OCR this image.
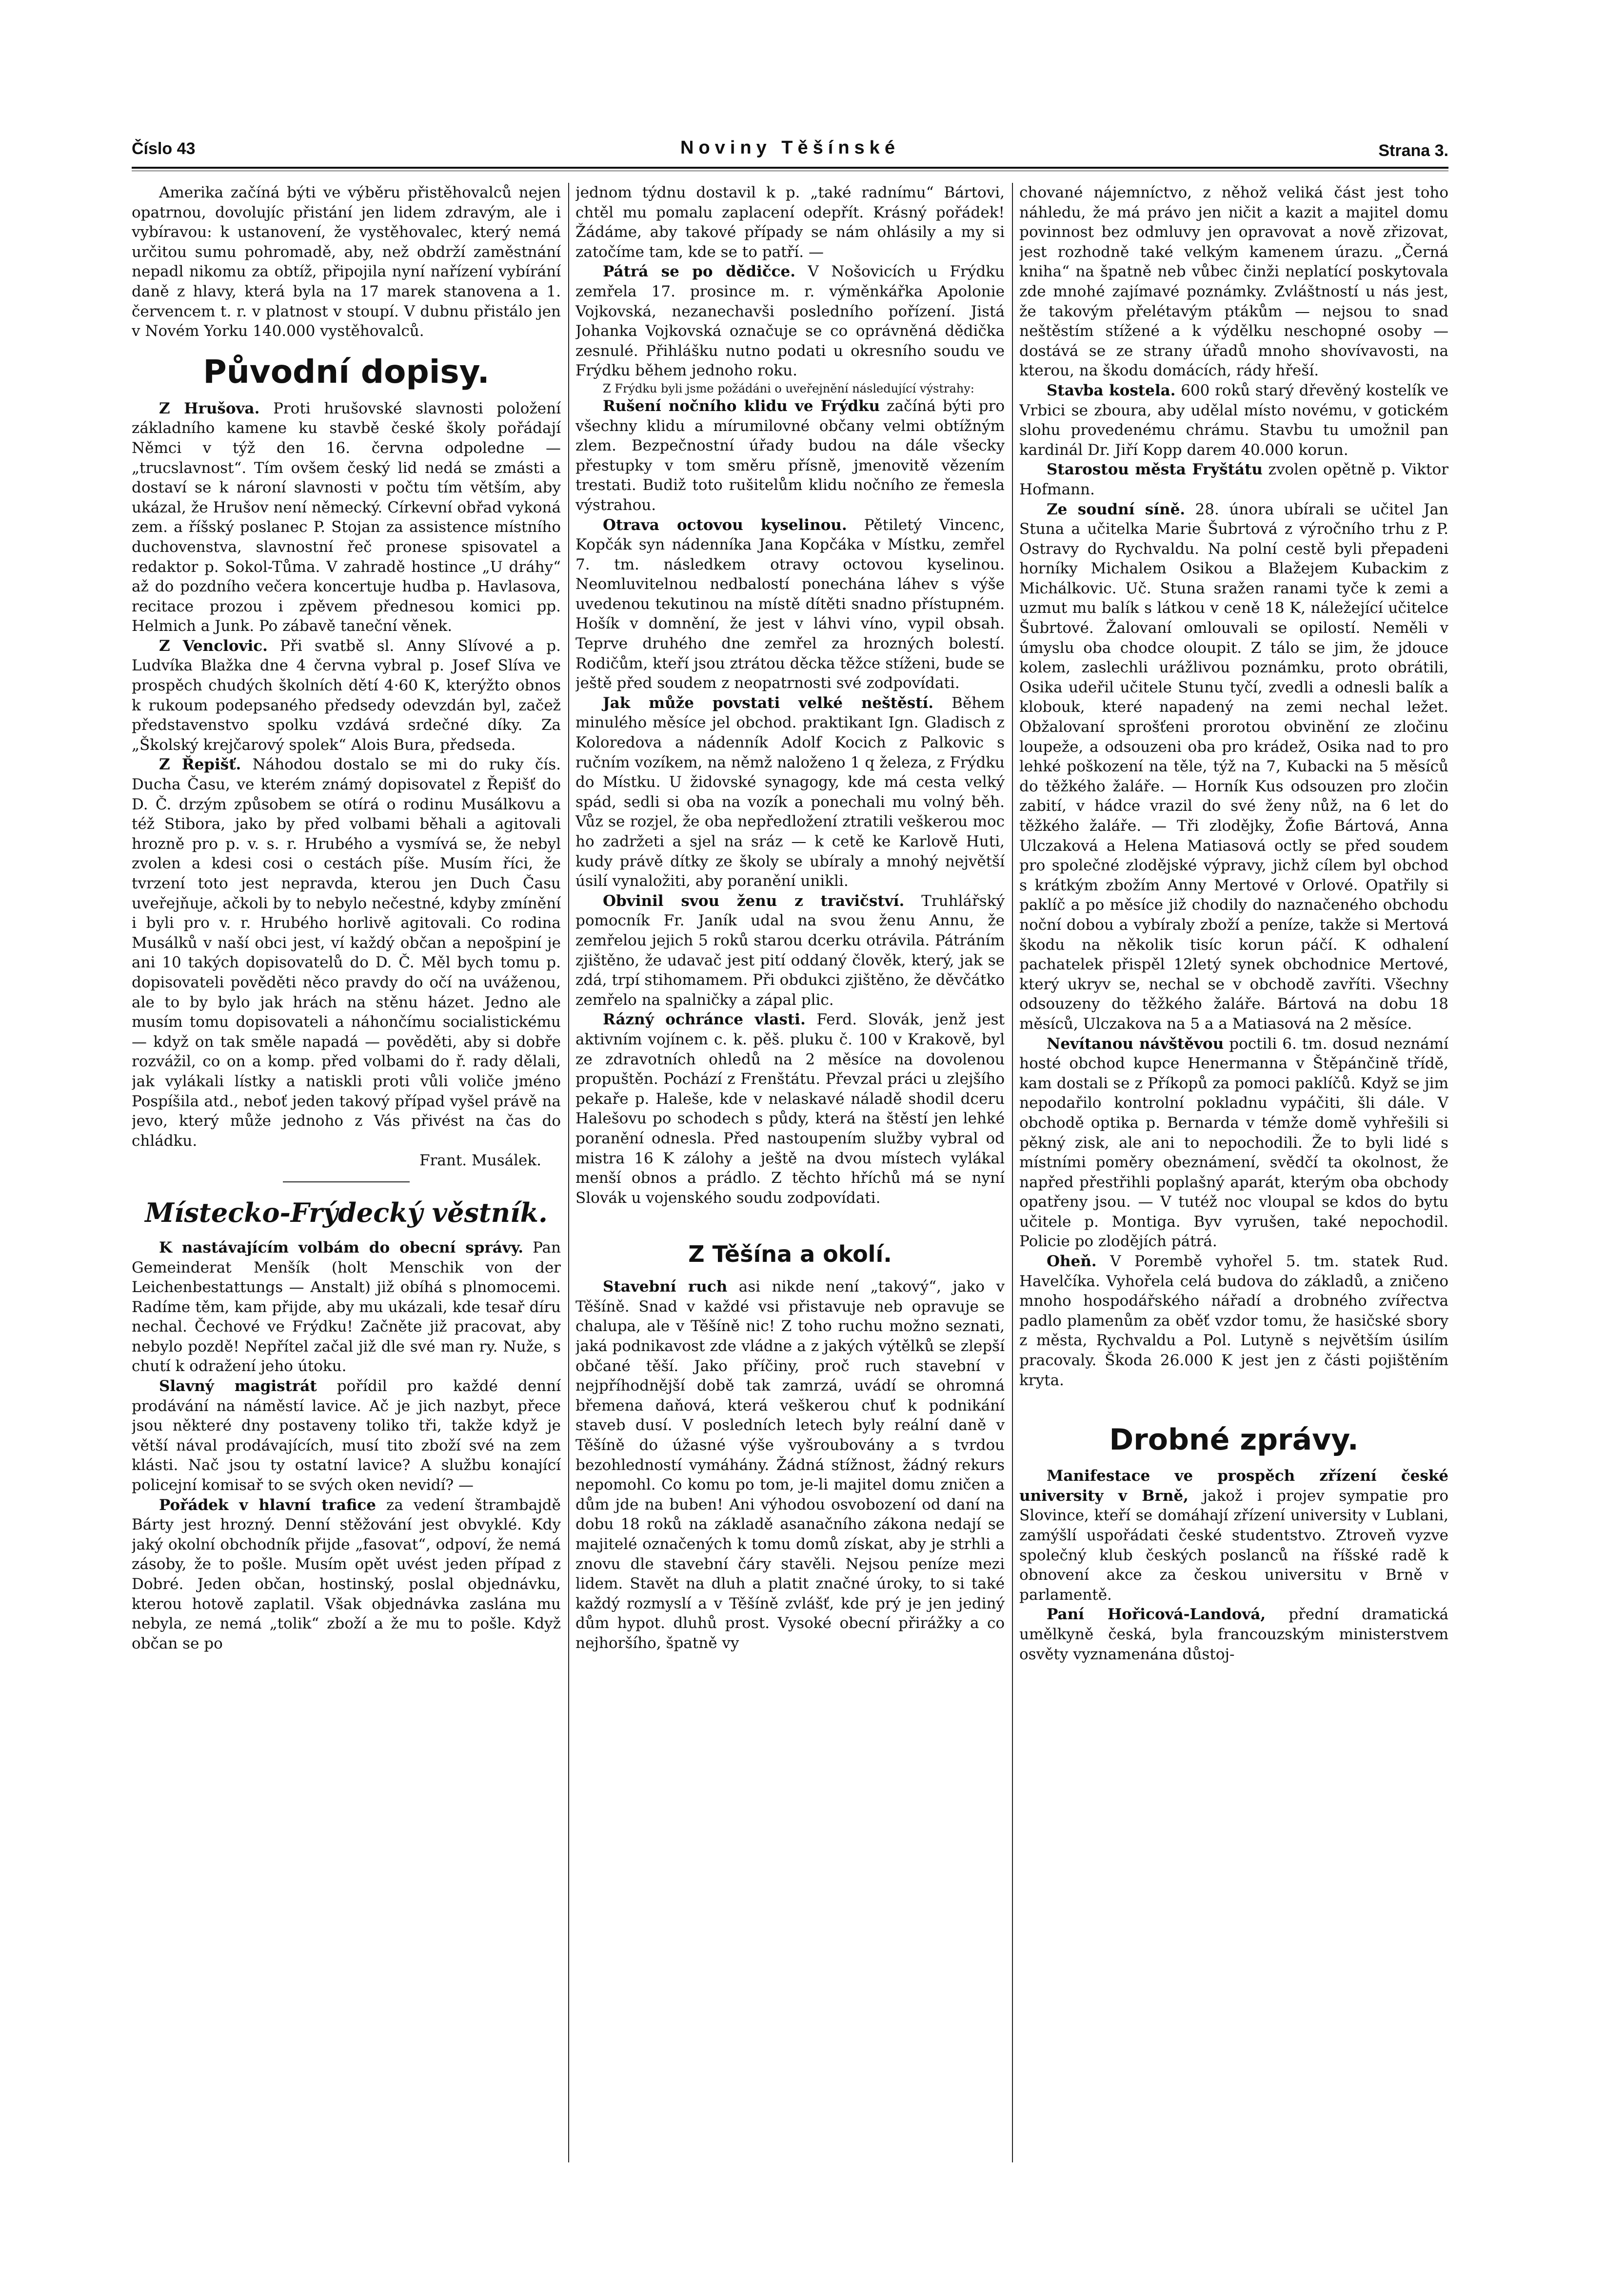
Číslo 43	Noviny Těšínské	Strana 3.

Amerika začíná býti ve výběru přistěhovalců nejen opatrnou, dovolujíc přistání jen lidem zdravým, ale i vybíravou: k ustanovení, že vystěhovalec, který nemá určitou sumu pohromadě, aby, než obdrží zaměstnání nepadl nikomu za obtíž, připojila nyní nařízení vybírání daně z hlavy, která byla na 17 marek stanovena a 1. červencem t. r. v platnost v stoupí. V dubnu přistálo jen v Novém Yorku 140.000 vystěhovalců.

Původní dopisy.

Z Hrušova. Proti hrušovské slavnosti položení základního kamene ku stavbě české školy pořádají Němci v týž den 16. června odpoledne — „trucslavnost“. Tím ovšem český lid nedá se zmásti a dostaví se k nároní slavnosti v počtu tím větším, aby ukázal, že Hrušov není německý. Církevní obřad vykoná zem. a říšský poslanec P. Stojan za assistence místního duchovenstva, slavnostní řeč pronese spisovatel a redaktor p. Sokol-Tůma. V zahradě hostince „U dráhy“ až do pozdního večera koncertuje hudba p. Havlasova, recitace prozou i zpěvem přednesou komici pp. Helmich a Junk. Po zábavě taneční věnek.

Z Venclovic. Při svatbě sl. Anny Slívové a p. Ludvíka Blažka dne 4 června vybral p. Josef Slíva ve prospěch chudých školních dětí 4·60 K, kterýžto obnos k rukoum podepsaného předsedy odevzdán byl, začež představenstvo spolku vzdává srdečné díky. Za „Školský krejčarový spolek“ Alois Bura, předseda.

Z Řepišť. Náhodou dostalo se mi do ruky čís. Ducha Času, ve kterém známý dopisovatel z Řepišť do D. Č. drzým způsobem se otírá o rodinu Musálkovu a též Stibora, jako by před volbami běhali a agitovali hrozně pro p. v. s. r. Hrubého a vysmívá se, že nebyl zvolen a kdesi cosi o cestách píše. Musím říci, že tvrzení toto jest nepravda, kterou jen Duch Času uveřejňuje, ačkoli by to nebylo nečestné, kdyby zmínění i byli pro v. r. Hrubého horlivě agitovali. Co rodina Musálků v naší obci jest, ví každý občan a nepošpiní je ani 10 takých dopisovatelů do D. Č. Měl bych tomu p. dopisovateli pověděti něco pravdy do očí na uváženou, ale to by bylo jak hrách na stěnu házet. Jedno ale musím tomu dopisovateli a náhončímu socialistickému — když on tak směle napadá — pověděti, aby si dobře rozvážil, co on a komp. před volbami do ř. rady dělali, jak vylákali lístky a natiskli proti vůli voliče jméno Pospíšila atd., neboť jeden takový případ vyšel právě na jevo, který může jednoho z Vás přivést na čas do chládku.

Frant. Musálek.

Místecko-Frýdecký věstník.

K nastávajícím volbám do obecní správy. Pan Gemeinderat Menšík (holt Menschik von der Leichenbestattungs — Anstalt) již obíhá s plnomocemi. Radíme těm, kam přijde, aby mu ukázali, kde tesař díru nechal. Čechové ve Frýdku! Začněte již pracovat, aby nebylo pozdě! Nepřítel začal již dle své man ry. Nuže, s chutí k odražení jeho útoku.

Slavný magistrát pořídil pro každé denní prodávání na náměstí lavice. Ač je jich nazbyt, přece jsou některé dny postaveny toliko tři, takže když je větší nával prodávajících, musí tito zboží své na zem klásti. Nač jsou ty ostatní lavice? A službu konající policejní komisař to se svých oken nevidí? —

Pořádek v hlavní trafice za vedení štrambajdě Bárty jest hrozný. Denní stěžování jest obvyklé. Kdy jaký okolní obchodník přijde „fasovat“, odpoví, že nemá zásoby, že to pošle. Musím opět uvést jeden případ z Dobré. Jeden občan, hostinský, poslal objednávku, kterou hotově zaplatil. Však objednávka zaslána mu nebyla, ze nemá „tolik“ zboží a že mu to pošle. Když občan se po

jednom týdnu dostavil k p. „také radnímu“ Bártovi, chtěl mu pomalu zaplacení odepřít. Krásný pořádek! Žádáme, aby takové případy se nám ohlásily a my si zatočíme tam, kde se to patří. —

Pátrá se po dědičce. V Nošovicích u Frýdku zemřela 17. prosince m. r. výměnkářka Apolonie Vojkovská, nezanechavši posledního pořízení. Jistá Johanka Vojkovská označuje se co oprávněná dědička zesnulé. Přihlášku nutno podati u okresního soudu ve Frýdku během jednoho roku.

Z Frýdku byli jsme požádáni o uveřejnění následující výstrahy:

Rušení nočního klidu ve Frýdku začíná býti pro všechny klidu a mírumilovné občany velmi obtížným zlem. Bezpečnostní úřady budou na dále všecky přestupky v tom směru přísně, jmenovitě vězením trestati. Budiž toto rušitelům klidu nočního ze řemesla výstrahou.

Otrava octovou kyselinou. Pětiletý Vincenc, Kopčák syn nádenníka Jana Kopčáka v Místku, zemřel 7. tm. následkem otravy octovou kyselinou. Neomluvitelnou nedbalostí ponechána láhev s výše uvedenou tekutinou na místě dítěti snadno přístupném. Hošík v domnění, že jest v láhvi víno, vypil obsah. Teprve druhého dne zemřel za hrozných bolestí. Rodičům, kteří jsou ztrátou děcka těžce stíženi, bude se ještě před soudem z neopatrnosti své zodpovídati.

Jak může povstati velké neštěstí. Během minulého měsíce jel obchod. praktikant Ign. Gladisch z Koloredova a nádenník Adolf Kocich z Palkovic s ručním vozíkem, na němž naloženo 1 q železa, z Frýdku do Místku. U židovské synagogy, kde má cesta velký spád, sedli si oba na vozík a ponechali mu volný běh. Vůz se rozjel, že oba nepředložení ztratili veškerou moc ho zadržeti a sjel na sráz — k cetě ke Karlově Huti, kudy právě dítky ze školy se ubíraly a mnohý největší úsilí vynaložiti, aby poranění unikli.

Obvinil svou ženu z travičství. Truhlářský pomocník Fr. Janík udal na svou ženu Annu, že zemřelou jejich 5 roků starou dcerku otrávila. Pátráním zjištěno, že udavač jest pití oddaný člověk, který, jak se zdá, trpí stihomamem. Při obdukci zjištěno, že děvčátko zemřelo na spalničky a zápal plic.

Rázný ochránce vlasti. Ferd. Slovák, jenž jest aktivním vojínem c. k. pěš. pluku č. 100 v Krakově, byl ze zdravotních ohledů na 2 měsíce na dovolenou propuštěn. Pochází z Frenštátu. Převzal práci u zlejšího pekaře p. Haleše, kde v nelaskavé náladě shodil dceru Halešovu po schodech s půdy, která na štěstí jen lehké poranění odnesla. Před nastoupením služby vybral od mistra 16 K zálohy a ještě na dvou místech vylákal menší obnos a prádlo. Z těchto hříchů má se nyní Slovák u vojenského soudu zodpovídati.

Z Těšína a okolí.

Stavební ruch asi nikde není „takový“, jako v Těšíně. Snad v každé vsi přistavuje neb opravuje se chalupa, ale v Těšíně nic! Z toho ruchu možno seznati, jaká podnikavost zde vládne a z jakých výtělků se zlepší občané těší. Jako příčiny, proč ruch stavební v nejpříhodnější době tak zamrzá, uvádí se ohromná břemena daňová, která veškerou chuť k podnikání staveb dusí. V posledních letech byly reální daně v Těšíně do úžasné výše vyšroubovány a s tvrdou bezohledností vymáhány. Žádná stížnost, žádný rekurs nepomohl. Co komu po tom, je-li majitel domu zničen a dům jde na buben! Ani výhodou osvobození od daní na dobu 18 roků na základě asanačního zákona nedají se majitelé označených k tomu domů získat, aby je strhli a znovu dle stavební čáry stavěli. Nejsou peníze mezi lidem. Stavět na dluh a platit značné úroky, to si také každý rozmyslí a v Těšíně zvlášť, kde prý je jen jediný dům hypot. dluhů prost. Vysoké obecní přirážky a co nejhoršího, špatně vy

chované nájemníctvo, z něhož veliká část jest toho náhledu, že má právo jen ničit a kazit a majitel domu povinnost bez odmluvy jen opravovat a nově zřizovat, jest rozhodně také velkým kamenem úrazu. „Černá kniha“ na špatně neb vůbec činži neplatící poskytovala zde mnohé zajímavé poznámky. Zvláštností u nás jest, že takovým přelétavým ptákům — nejsou to snad neštěstím stížené a k výdělku neschopné osoby — dostává se ze strany úřadů mnoho shovívavosti, na kterou, na škodu domácích, rády hřeší.

Stavba kostela. 600 roků starý dřevěný kostelík ve Vrbici se zboura, aby udělal místo novému, v gotickém slohu provedenému chrámu. Stavbu tu umožnil pan kardinál Dr. Jiří Kopp darem 40.000 korun.

Starostou města Fryštátu zvolen opětně p. Viktor Hofmann.

Ze soudní síně. 28. února ubírali se učitel Jan Stuna a učitelka Marie Šubrtová z výročního trhu z P. Ostravy do Rychvaldu. Na polní cestě byli přepadeni horníky Michalem Osikou a Blažejem Kubackim z Michálkovic. Uč. Stuna sražen ranami tyče k zemi a uzmut mu balík s látkou v ceně 18 K, náležející učitelce Šubrtové. Žalovaní omlouvali se opilostí. Neměli v úmyslu oba chodce oloupit. Z tálo se jim, že jdouce kolem, zaslechli urážlivou poznámku, proto obrátili, Osika udeřil učitele Stunu tyčí, zvedli a odnesli balík a klobouk, které napadený na zemi nechal ležet. Obžalovaní sprošťeni prorotou obvinění ze zločinu loupeže, a odsouzeni oba pro krádež, Osika nad to pro lehké poškození na těle, týž na 7, Kubacki na 5 měsíců do těžkého žaláře. — Horník Kus odsouzen pro zločin zabití, v hádce vrazil do své ženy nůž, na 6 let do těžkého žaláře. — Tři zlodějky, Žofie Bártová, Anna Ulczaková a Helena Matiasová octly se před soudem pro společné zlodějské výpravy, jichž cílem byl obchod s krátkým zbožím Anny Mertové v Orlové. Opatřily si paklíč a po měsíce již chodily do naznačeného obchodu noční dobou a vybíraly zboží a peníze, takže si Mertová škodu na několik tisíc korun páčí. K odhalení pachatelek přispěl 12letý synek obchodnice Mertové, který ukryv se, nechal se v obchodě zavříti. Všechny odsouzeny do těžkého žaláře. Bártová na dobu 18 měsíců, Ulczakova na 5 a a Matiasová na 2 měsíce.

Nevítanou návštěvou poctili 6. tm. dosud neznámí hosté obchod kupce Henermanna v Štěpánčině třídě, kam dostali se z Příkopů za pomoci paklíčů. Když se jim nepodařilo kontrolní pokladnu vypáčiti, šli dále. V obchodě optika p. Bernarda v témže domě vyhřešili si pěkný zisk, ale ani to nepochodili. Že to byli lidé s místními poměry obeznámení, svědčí ta okolnost, že napřed přestřihli poplašný aparát, kterým oba obchody opatřeny jsou. — V tutéž noc vloupal se kdos do bytu učitele p. Montiga. Byv vyrušen, také nepochodil. Policie po zlodějích pátrá.

Oheň. V Porembě vyhořel 5. tm. statek Rud. Havelčíka. Vyhořela celá budova do základů, a zničeno mnoho hospodářského nářadí a drobného zvířectva padlo plamenům za oběť vzdor tomu, že hasičské sbory z města, Rychvaldu a Pol. Lutyně s největším úsilím pracovaly. Škoda 26.000 K jest jen z části pojištěním kryta.

Drobné zprávy.

Manifestace ve prospěch zřízení české university v Brně, jakož i projev sympatie pro Slovince, kteří se domáhají zřízení university v Lublani, zamýšlí uspořádati české studentstvo. Ztroveň vyzve společný klub českých poslanců na říšské radě k obnovení akce za českou universitu v Brně v parlamentě.

Paní Hořicová-Landová, přední dramatická umělkyně česká, byla francouzským ministerstvem osvěty vyznamenána důstoj-
